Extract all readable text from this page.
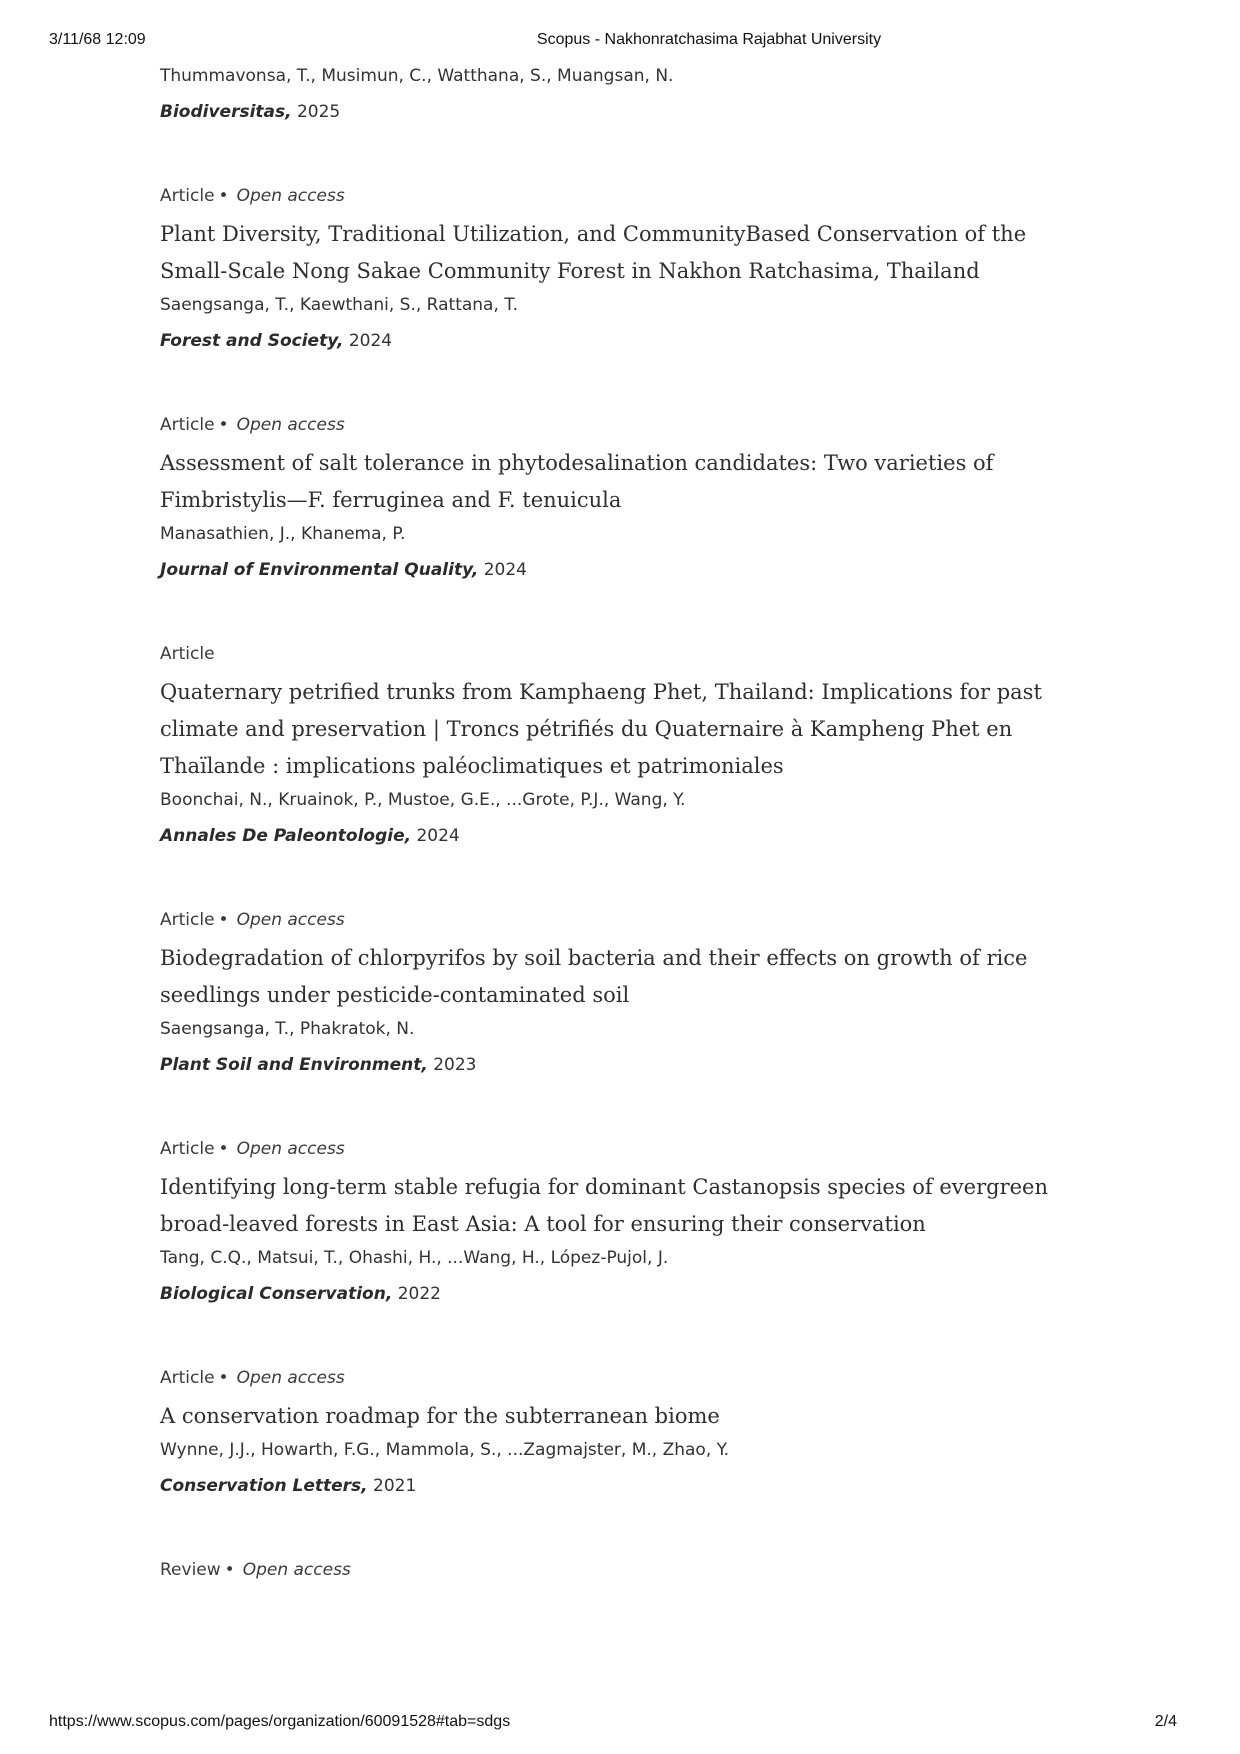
3/11/68 12:09	Scopus - Nakhonratchasima Rajabhat University
Thummavonsa, T., Musimun, C., Watthana, S., Muangsan, N.
Biodiversitas, 2025
Article • Open access
Plant Diversity, Traditional Utilization, and CommunityBased Conservation of the Small-Scale Nong Sakae Community Forest in Nakhon Ratchasima, Thailand
Saengsanga, T., Kaewthani, S., Rattana, T.
Forest and Society, 2024
Article • Open access
Assessment of salt tolerance in phytodesalination candidates: Two varieties of Fimbristylis—F. ferruginea and F. tenuicula
Manasathien, J., Khanema, P.
Journal of Environmental Quality, 2024
Article
Quaternary petrified trunks from Kamphaeng Phet, Thailand: Implications for past climate and preservation | Troncs pétrifiés du Quaternaire à Kampheng Phet en Thaïlande : implications paléoclimatiques et patrimoniales
Boonchai, N., Kruainok, P., Mustoe, G.E., ...Grote, P.J., Wang, Y.
Annales De Paleontologie, 2024
Article • Open access
Biodegradation of chlorpyrifos by soil bacteria and their effects on growth of rice seedlings under pesticide-contaminated soil
Saengsanga, T., Phakratok, N.
Plant Soil and Environment, 2023
Article • Open access
Identifying long-term stable refugia for dominant Castanopsis species of evergreen broad-leaved forests in East Asia: A tool for ensuring their conservation
Tang, C.Q., Matsui, T., Ohashi, H., ...Wang, H., López-Pujol, J.
Biological Conservation, 2022
Article • Open access
A conservation roadmap for the subterranean biome
Wynne, J.J., Howarth, F.G., Mammola, S., ...Zagmajster, M., Zhao, Y.
Conservation Letters, 2021
Review • Open access
https://www.scopus.com/pages/organization/60091528#tab=sdgs	2/4
